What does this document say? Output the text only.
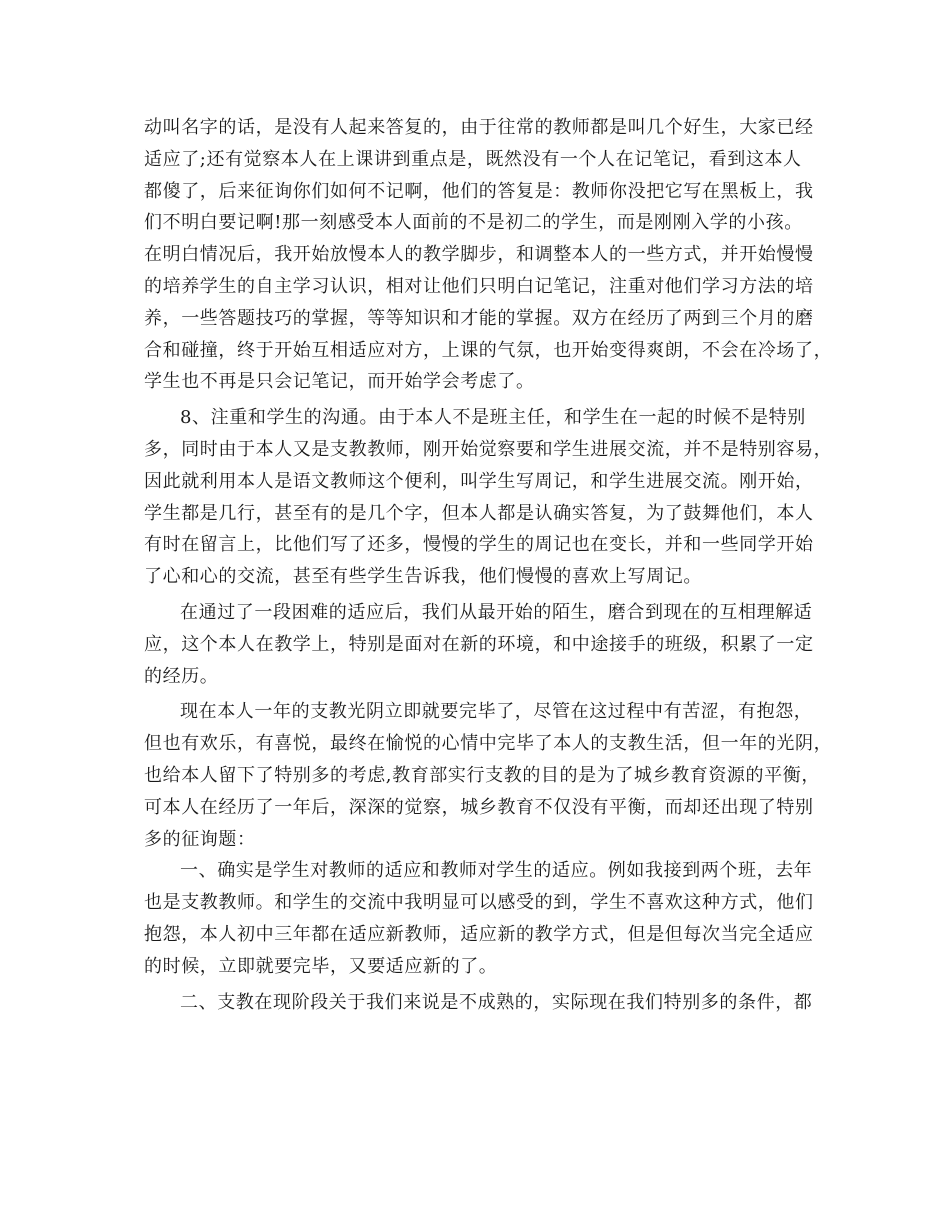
动叫名字的话，是没有人起来答复的，由于往常的教师都是叫几个好生，大家已经
适应了;还有觉察本人在上课讲到重点是，既然没有一个人在记笔记，看到这本人
都傻了，后来征询你们如何不记啊，他们的答复是：教师你没把它写在黑板上，我
们不明白要记啊!那一刻感受本人面前的不是初二的学生，而是刚刚入学的小孩。
在明白情况后，我开始放慢本人的教学脚步，和调整本人的一些方式，并开始慢慢
的培养学生的自主学习认识，相对让他们只明白记笔记，注重对他们学习方法的培
养，一些答题技巧的掌握，等等知识和才能的掌握。双方在经历了两到三个月的磨
合和碰撞，终于开始互相适应对方，上课的气氛，也开始变得爽朗，不会在冷场了，
学生也不再是只会记笔记，而开始学会考虑了。
8、注重和学生的沟通。由于本人不是班主任，和学生在一起的时候不是特别
多，同时由于本人又是支教教师，刚开始觉察要和学生进展交流，并不是特别容易，
因此就利用本人是语文教师这个便利，叫学生写周记，和学生进展交流。刚开始，
学生都是几行，甚至有的是几个字，但本人都是认确实答复，为了鼓舞他们，本人
有时在留言上，比他们写了还多，慢慢的学生的周记也在变长，并和一些同学开始
了心和心的交流，甚至有些学生告诉我，他们慢慢的喜欢上写周记。
在通过了一段困难的适应后，我们从最开始的陌生，磨合到现在的互相理解适
应，这个本人在教学上，特别是面对在新的环境，和中途接手的班级，积累了一定
的经历。
现在本人一年的支教光阴立即就要完毕了，尽管在这过程中有苦涩，有抱怨，
但也有欢乐，有喜悦，最终在愉悦的心情中完毕了本人的支教生活，但一年的光阴，
也给本人留下了特别多的考虑,教育部实行支教的目的是为了城乡教育资源的平衡，
可本人在经历了一年后，深深的觉察，城乡教育不仅没有平衡，而却还出现了特别
多的征询题：
一、确实是学生对教师的适应和教师对学生的适应。例如我接到两个班，去年
也是支教教师。和学生的交流中我明显可以感受的到，学生不喜欢这种方式，他们
抱怨，本人初中三年都在适应新教师，适应新的教学方式，但是但每次当完全适应
的时候，立即就要完毕，又要适应新的了。
二、支教在现阶段关于我们来说是不成熟的，实际现在我们特别多的条件，都
